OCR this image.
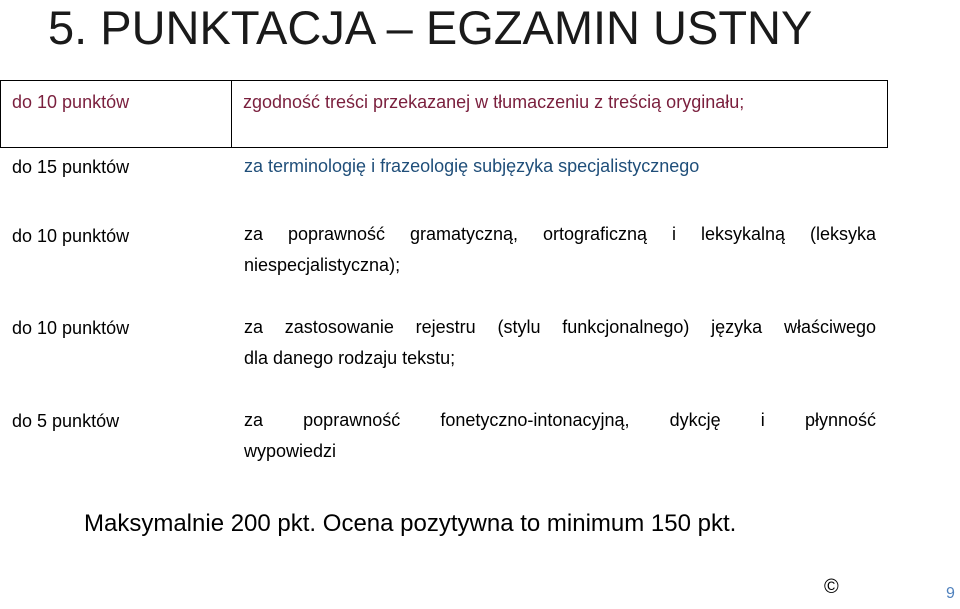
5. PUNKTACJA – EGZAMIN USTNY
do 10 punktów	zgodność treści przekazanej w tłumaczeniu z treścią oryginału;
do 15 punktów	za terminologię i frazeologię subjęzyka specjalistycznego
do 10 punktów	za poprawność gramatyczną, ortograficzną i leksykalną (leksyka
niespecjalistyczna);
do 10 punktów	za zastosowanie rejestru (stylu funkcjonalnego) języka właściwego
dla danego rodzaju tekstu;
do 5 punktów	za poprawność fonetyczno-intonacyjną, dykcję i płynność
wypowiedzi
Maksymalnie 200 pkt. Ocena pozytywna to minimum 150 pkt.
©	9
